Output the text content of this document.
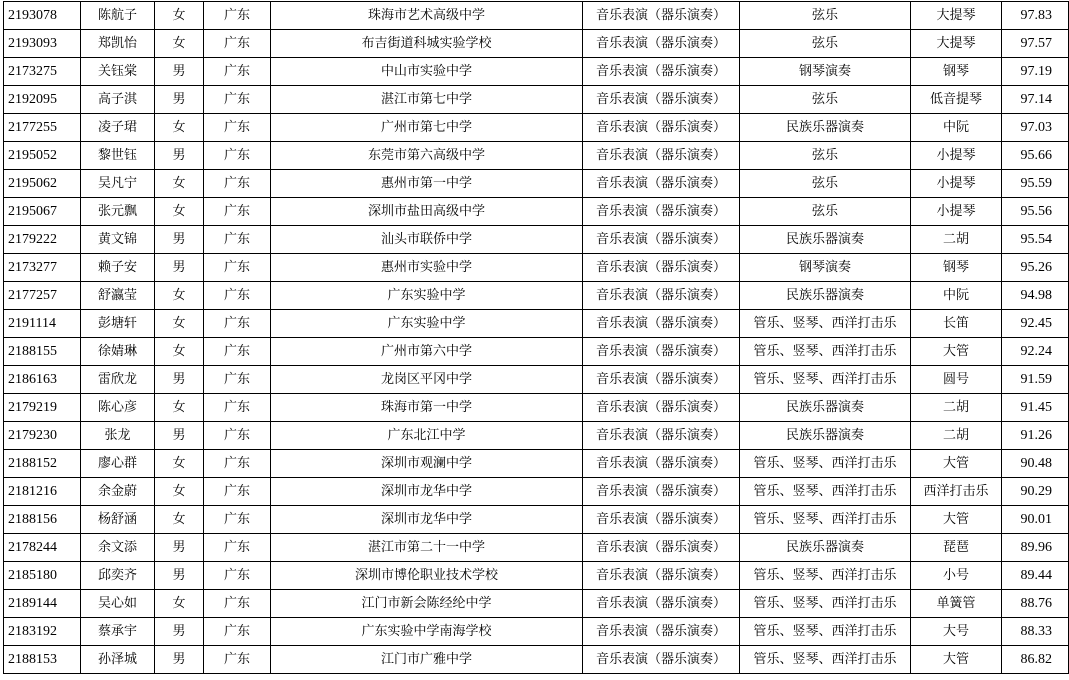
2193078	陈航子	女	广东	珠海市艺术高级中学	音乐表演（器乐演奏）	弦乐	大提琴	97.83
2193093	郑凯怡	女	广东	布吉街道科城实验学校	音乐表演（器乐演奏）	弦乐	大提琴	97.57
2173275	关钰棠	男	广东	中山市实验中学	音乐表演（器乐演奏）	钢琴演奏	钢琴	97.19
2192095	高子淇	男	广东	湛江市第七中学	音乐表演（器乐演奏）	弦乐	低音提琴	97.14
2177255	凌子珺	女	广东	广州市第七中学	音乐表演（器乐演奏）	民族乐器演奏	中阮	97.03
2195052	黎世钰	男	广东	东莞市第六高级中学	音乐表演（器乐演奏）	弦乐	小提琴	95.66
2195062	吴凡宁	女	广东	惠州市第一中学	音乐表演（器乐演奏）	弦乐	小提琴	95.59
2195067	张元飘	女	广东	深圳市盐田高级中学	音乐表演（器乐演奏）	弦乐	小提琴	95.56
2179222	黄文锦	男	广东	汕头市联侨中学	音乐表演（器乐演奏）	民族乐器演奏	二胡	95.54
2173277	赖子安	男	广东	惠州市实验中学	音乐表演（器乐演奏）	钢琴演奏	钢琴	95.26
2177257	舒瀛莹	女	广东	广东实验中学	音乐表演（器乐演奏）	民族乐器演奏	中阮	94.98
2191114	彭塘轩	女	广东	广东实验中学	音乐表演（器乐演奏）	管乐、竖琴、西洋打击乐	长笛	92.45
2188155	徐婧琳	女	广东	广州市第六中学	音乐表演（器乐演奏）	管乐、竖琴、西洋打击乐	大管	92.24
2186163	雷欣龙	男	广东	龙岗区平冈中学	音乐表演（器乐演奏）	管乐、竖琴、西洋打击乐	圆号	91.59
2179219	陈心彦	女	广东	珠海市第一中学	音乐表演（器乐演奏）	民族乐器演奏	二胡	91.45
2179230	张龙	男	广东	广东北江中学	音乐表演（器乐演奏）	民族乐器演奏	二胡	91.26
2188152	廖心群	女	广东	深圳市观澜中学	音乐表演（器乐演奏）	管乐、竖琴、西洋打击乐	大管	90.48
2181216	余金蔚	女	广东	深圳市龙华中学	音乐表演（器乐演奏）	管乐、竖琴、西洋打击乐	西洋打击乐	90.29
2188156	杨舒涵	女	广东	深圳市龙华中学	音乐表演（器乐演奏）	管乐、竖琴、西洋打击乐	大管	90.01
2178244	余文添	男	广东	湛江市第二十一中学	音乐表演（器乐演奏）	民族乐器演奏	琵琶	89.96
2185180	邱奕齐	男	广东	深圳市博伦职业技术学校	音乐表演（器乐演奏）	管乐、竖琴、西洋打击乐	小号	89.44
2189144	吴心如	女	广东	江门市新会陈经纶中学	音乐表演（器乐演奏）	管乐、竖琴、西洋打击乐	单簧管	88.76
2183192	蔡承宇	男	广东	广东实验中学南海学校	音乐表演（器乐演奏）	管乐、竖琴、西洋打击乐	大号	88.33
2188153	孙泽城	男	广东	江门市广雅中学	音乐表演（器乐演奏）	管乐、竖琴、西洋打击乐	大管	86.82
